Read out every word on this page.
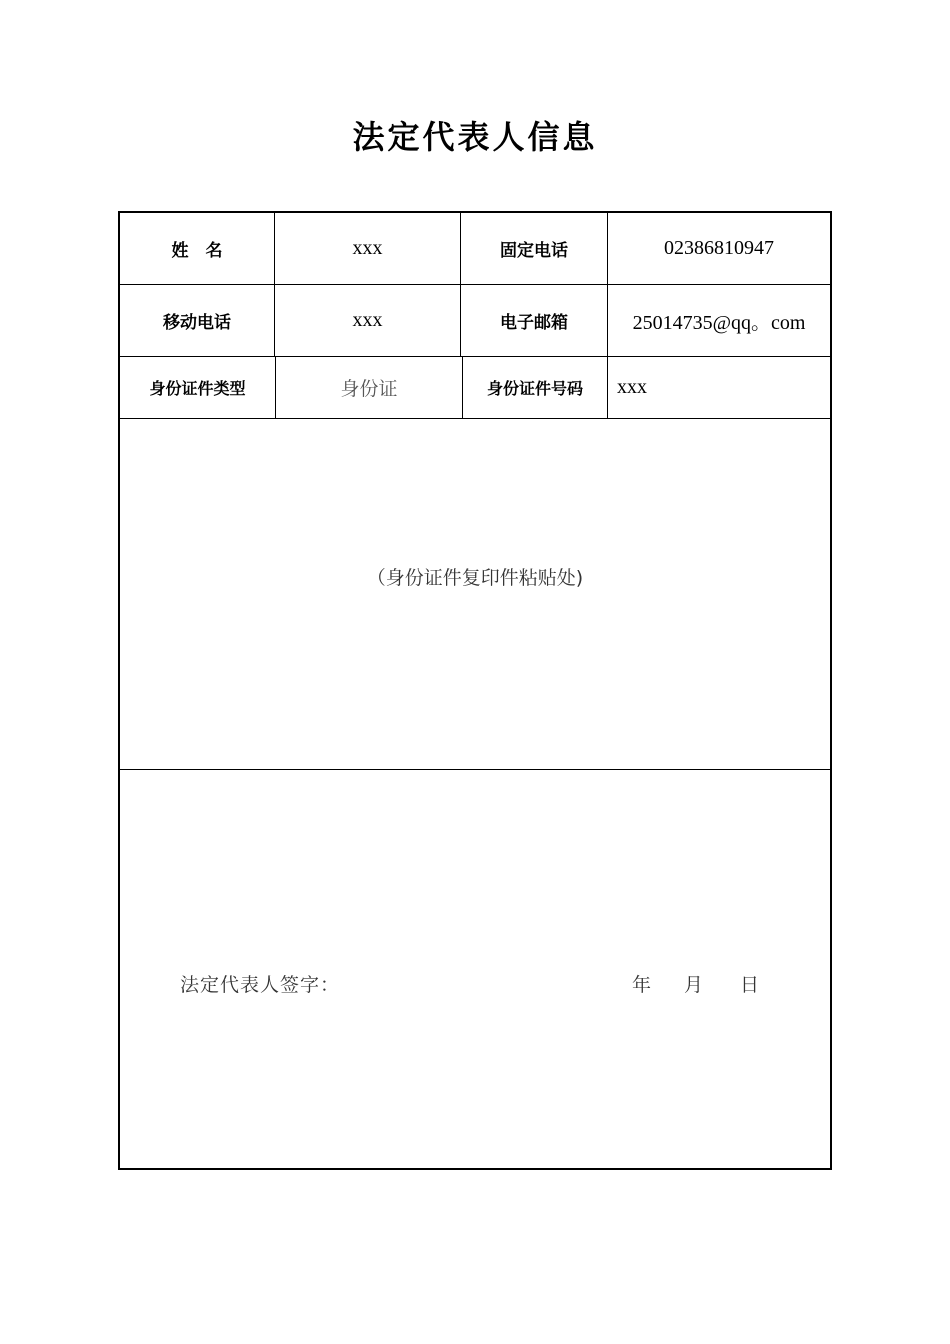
法定代表人信息
姓　名	xxx	固定电话	02386810947
移动电话	xxx	电子邮箱	25014735@qq。com
身份证件类型	身份证	身份证件号码	xxx
（身份证件复印件粘贴处)
法定代表人签字：	年 月 日
